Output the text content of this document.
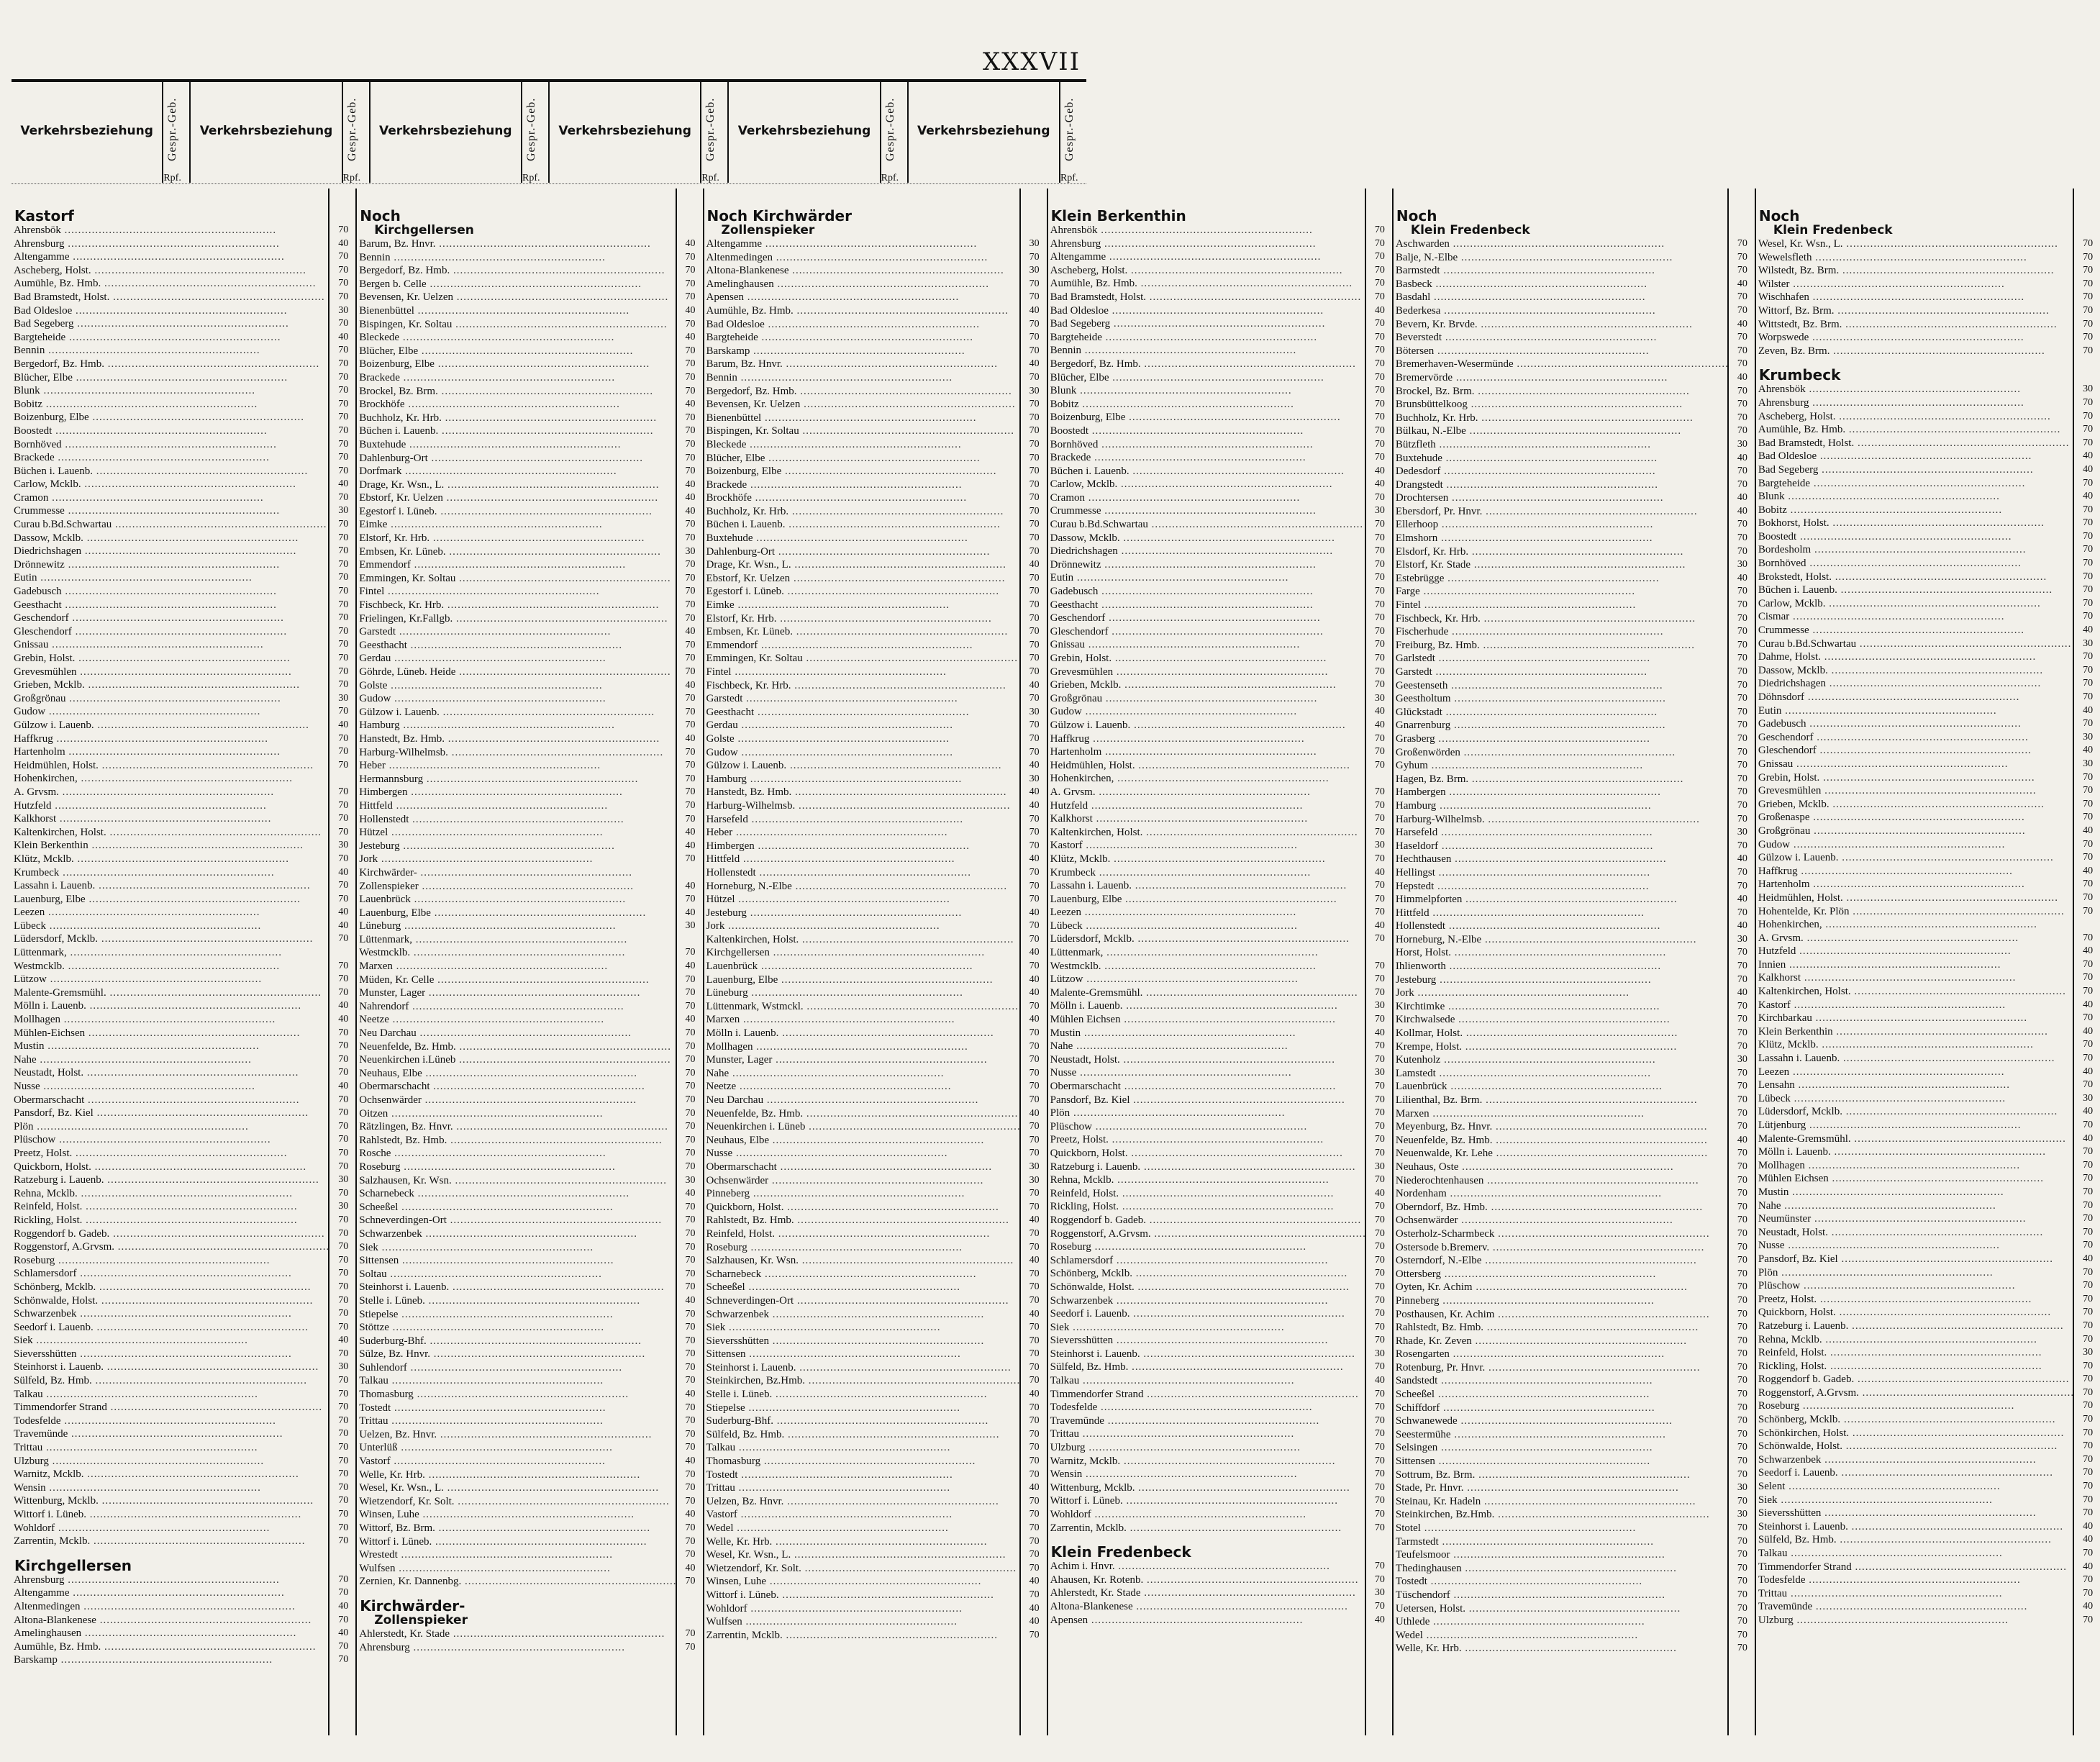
XXXVII
Verkehrsbeziehung	Gespr.-Geb.
Rpf.
Verkehrsbeziehung	Gespr.-Geb.
Rpf.
Verkehrsbeziehung	Gespr.-Geb.
Rpf.
Verkehrsbeziehung	Gespr.-Geb.
Rpf.
Verkehrsbeziehung	Gespr.-Geb.
Rpf.
Verkehrsbeziehung	Gespr.-Geb.
Rpf.
Kastorf
Ahrensbök .....	70
Ahrensburg .....	40
Altengamme .....	70
Ascheberg, Holst. .....	70
Aumühle, Bz. Hmb. .....	70
Bad Bramstedt, Holst. .....	70
Bad Oldesloe .....	30
Bad Segeberg .....	70
Bargteheide .....	40
Bennin .....	70
Bergedorf, Bz. Hmb. .....	70
Blücher, Elbe .....	70
Blunk .....	70
Bobitz .....	70
Boizenburg, Elbe .....	70
Boostedt .....	70
Bornhöved .....	70
Brackede .....	70
Büchen i. Lauenb. .....	70
Carlow, Mcklb. .....	40
Cramon .....	70
Crummesse .....	30
Curau b.Bd.Schwartau .....	70
Dassow, Mcklb. .....	70
Diedrichshagen .....	70
Drönnewitz .....	70
Eutin .....	70
Gadebusch .....	70
Geesthacht .....	70
Geschendorf .....	70
Gleschendorf .....	70
Gnissau .....	70
Grebin, Holst. .....	70
Grevesmühlen .....	70
Grieben, Mcklb. .....	70
Großgrönau .....	30
Gudow .....	70
Gülzow i. Lauenb. .....	40
Haffkrug .....	70
Hartenholm .....	70
Heidmühlen, Holst. .....	70
Hohenkirchen, .....
A. Grvsm. .....	70
Hutzfeld .....	70
Kalkhorst .....	70
Kaltenkirchen, Holst. .....	70
Klein Berkenthin .....	30
Klütz, Mcklb. .....	70
Krumbeck .....	40
Lassahn i. Lauenb. .....	70
Lauenburg, Elbe .....	70
Leezen .....	40
Lübeck .....	40
Lüdersdorf, Mcklb. .....	70
Lüttenmark, .....
Westmcklb. .....	70
Lützow .....	70
Malente-Gremsmühl. .....	70
Mölln i. Lauenb. .....	40
Mollhagen .....	40
Mühlen-Eichsen .....	70
Mustin .....	70
Nahe .....	70
Neustadt, Holst. .....	70
Nusse .....	40
Obermarschacht .....	70
Pansdorf, Bz. Kiel .....	70
Plön .....	70
Plüschow .....	70
Preetz, Holst. .....	70
Quickborn, Holst. .....	70
Ratzeburg i. Lauenb. .....	30
Rehna, Mcklb. .....	70
Reinfeld, Holst. .....	30
Rickling, Holst. .....	70
Roggendorf b. Gadeb. .....	70
Roggenstorf, A.Grvsm. .....	70
Roseburg .....	70
Schlamersdorf .....	70
Schönberg, Mcklb. .....	70
Schönwalde, Holst. .....	70
Schwarzenbek .....	70
Seedorf i. Lauenb. .....	70
Siek .....	40
Sieversshütten .....	70
Steinhorst i. Lauenb. .....	30
Sülfeld, Bz. Hmb. .....	70
Talkau .....	70
Timmendorfer Strand .....	70
Todesfelde .....	70
Travemünde .....	70
Trittau .....	70
Ulzburg .....	70
Warnitz, Mcklb. .....	70
Wensin .....	70
Wittenburg, Mcklb. .....	70
Wittorf i. Lüneb. .....	70
Wohldorf .....	70
Zarrentin, Mcklb. .....	70
Kirchgellersen
Ahrensburg .....	70
Altengamme .....	70
Altenmedingen .....	40
Altona-Blankenese .....	70
Amelinghausen .....	40
Aumühle, Bz. Hmb. .....	70
Barskamp .....	70
Noch
Kirchgellersen
Barum, Bz. Hnvr. .....	40
Bennin .....	70
Bergedorf, Bz. Hmb. .....	70
Bergen b. Celle .....	70
Bevensen, Kr. Uelzen .....	70
Bienenbüttel .....	40
Bispingen, Kr. Soltau .....	70
Bleckede .....	40
Blücher, Elbe .....	70
Boizenburg, Elbe .....	70
Brackede .....	70
Brockel, Bz. Brm. .....	70
Brockhöfe .....	40
Buchholz, Kr. Hrb. .....	70
Büchen i. Lauenb. .....	70
Buxtehude .....	70
Dahlenburg-Ort .....	70
Dorfmark .....	70
Drage, Kr. Wsn., L. .....	40
Ebstorf, Kr. Uelzen .....	40
Egestorf i. Lüneb. .....	40
Eimke .....	70
Elstorf, Kr. Hrb. .....	70
Embsen, Kr. Lüneb. .....	30
Emmendorf .....	70
Emmingen, Kr. Soltau .....	70
Fintel .....	70
Fischbeck, Kr. Hrb. .....	70
Frielingen, Kr.Fallgb. .....	70
Garstedt .....	40
Geesthacht .....	70
Gerdau .....	70
Göhrde, Lüneb. Heide .....	70
Golste .....	40
Gudow .....	70
Gülzow i. Lauenb. .....	70
Hamburg .....	70
Hanstedt, Bz. Hmb. .....	40
Harburg-Wilhelmsb. .....	70
Heber .....	70
Hermannsburg .....	70
Himbergen .....	70
Hittfeld .....	70
Hollenstedt .....	70
Hützel .....	40
Jesteburg .....	40
Jork .....	70
Kirchwärder- .....
Zollenspieker .....	40
Lauenbrück .....	70
Lauenburg, Elbe .....	40
Lüneburg .....	30
Lüttenmark, .....
Westmcklb. .....	70
Marxen .....	40
Müden, Kr. Celle .....	70
Munster, Lager .....	70
Nahrendorf .....	70
Neetze .....	40
Neu Darchau .....	70
Neuenfelde, Bz. Hmb. .....	70
Neuenkirchen i.Lüneb .....	70
Neuhaus, Elbe .....	70
Obermarschacht .....	70
Ochsenwärder .....	70
Oitzen .....	70
Rätzlingen, Bz. Hnvr. .....	70
Rahlstedt, Bz. Hmb. .....	70
Rosche .....	70
Roseburg .....	70
Salzhausen, Kr. Wsn. .....	30
Scharnebeck .....	40
Scheeßel .....	70
Schneverdingen-Ort .....	70
Schwarzenbek .....	70
Siek .....	70
Sittensen .....	70
Soltau .....	70
Steinhorst i. Lauenb. .....	70
Stelle i. Lüneb. .....	40
Stiepelse .....	70
Stöttze .....	70
Suderburg-Bhf. .....	70
Sülze, Bz. Hnvr. .....	70
Suhlendorf .....	70
Talkau .....	70
Thomasburg .....	40
Tostedt .....	70
Trittau .....	70
Uelzen, Bz. Hnvr. .....	70
Unterlüß .....	70
Vastorf .....	40
Welle, Kr. Hrb. .....	70
Wesel, Kr. Wsn., L. .....	70
Wietzendorf, Kr. Solt. .....	70
Winsen, Luhe .....	40
Wittorf, Bz. Brm. .....	70
Wittorf i. Lüneb. .....	70
Wrestedt .....	70
Wulfsen .....	40
Zernien, Kr. Dannenbg. .....	70
Kirchwärder-
Zollenspieker
Ahlerstedt, Kr. Stade .....	70
Ahrensburg .....	70
Noch Kirchwärder
Zollenspieker
Altengamme .....	30
Altenmedingen .....	70
Altona-Blankenese .....	30
Amelinghausen .....	70
Apensen .....	70
Aumühle, Bz. Hmb. .....	40
Bad Oldesloe .....	70
Bargteheide .....	70
Barskamp .....	70
Barum, Bz. Hnvr. .....	40
Bennin .....	70
Bergedorf, Bz. Hmb. .....	30
Bevensen, Kr. Uelzen .....	70
Bienenbüttel .....	70
Bispingen, Kr. Soltau .....	70
Bleckede .....	70
Blücher, Elbe .....	70
Boizenburg, Elbe .....	70
Brackede .....	70
Brockhöfe .....	70
Buchholz, Kr. Hrb. .....	70
Büchen i. Lauenb. .....	70
Buxtehude .....	70
Dahlenburg-Ort .....	70
Drage, Kr. Wsn., L. .....	40
Ebstorf, Kr. Uelzen .....	70
Egestorf i. Lüneb. .....	70
Eimke .....	70
Elstorf, Kr. Hrb. .....	70
Embsen, Kr. Lüneb. .....	70
Emmendorf .....	70
Emmingen, Kr. Soltau .....	70
Fintel .....	70
Fischbeck, Kr. Hrb. .....	40
Garstedt .....	70
Geesthacht .....	30
Gerdau .....	70
Golste .....	70
Gudow .....	70
Gülzow i. Lauenb. .....	40
Hamburg .....	30
Hanstedt, Bz. Hmb. .....	40
Harburg-Wilhelmsb. .....	40
Harsefeld .....	70
Heber .....	70
Himbergen .....	70
Hittfeld .....	40
Hollenstedt .....	70
Horneburg, N.-Elbe .....	70
Hützel .....	70
Jesteburg .....	40
Jork .....	70
Kaltenkirchen, Holst. .....	70
Kirchgellersen .....	40
Lauenbrück .....	70
Lauenburg, Elbe .....	40
Lüneburg .....	40
Lüttenmark, Wstmckl. .....	70
Marxen .....	40
Mölln i. Lauenb. .....	70
Mollhagen .....	70
Munster, Lager .....	70
Nahe .....	70
Neetze .....	70
Neu Darchau .....	70
Neuenfelde, Bz. Hmb. .....	40
Neuenkirchen i. Lüneb .....	70
Neuhaus, Elbe .....	70
Nusse .....	70
Obermarschacht .....	30
Ochsenwärder .....	30
Pinneberg .....	70
Quickborn, Holst. .....	70
Rahlstedt, Bz. Hmb. .....	40
Reinfeld, Holst. .....	70
Roseburg .....	70
Salzhausen, Kr. Wsn. .....	40
Scharnebeck .....	70
Scheeßel .....	70
Schneverdingen-Ort .....	70
Schwarzenbek .....	40
Siek .....	70
Sieversshütten .....	70
Sittensen .....	70
Steinhorst i. Lauenb. .....	70
Steinkirchen, Bz.Hmb. .....	70
Stelle i. Lüneb. .....	40
Stiepelse .....	70
Suderburg-Bhf. .....	70
Sülfeld, Bz. Hmb. .....	70
Talkau .....	70
Thomasburg .....	70
Tostedt .....	70
Trittau .....	40
Uelzen, Bz. Hnvr. .....	70
Vastorf .....	70
Wedel .....	70
Welle, Kr. Hrb. .....	70
Wesel, Kr. Wsn., L. .....	70
Wietzendorf, Kr. Solt. .....	70
Winsen, Luhe .....	40
Wittorf i. Lüneb. .....	70
Wohldorf .....	40
Wulfsen .....	40
Zarrentin, Mcklb. .....	70
Klein Berkenthin
Ahrensbök .....	70
Ahrensburg .....	70
Altengamme .....	70
Ascheberg, Holst. .....	70
Aumühle, Bz. Hmb. .....	70
Bad Bramstedt, Holst. .....	70
Bad Oldesloe .....	40
Bad Segeberg .....	70
Bargteheide .....	70
Bennin .....	70
Bergedorf, Bz. Hmb. .....	70
Blücher, Elbe .....	70
Blunk .....	70
Bobitz .....	70
Boizenburg, Elbe .....	70
Boostedt .....	70
Bornhöved .....	70
Brackede .....	70
Büchen i. Lauenb. .....	40
Carlow, Mcklb. .....	40
Cramon .....	70
Crummesse .....	30
Curau b.Bd.Schwartau .....	70
Dassow, Mcklb. .....	70
Diedrichshagen .....	70
Drönnewitz .....	70
Eutin .....	70
Gadebusch .....	70
Geesthacht .....	70
Geschendorf .....	70
Gleschendorf .....	70
Gnissau .....	70
Grebin, Holst. .....	70
Grevesmühlen .....	70
Grieben, Mcklb. .....	70
Großgrönau .....	30
Gudow .....	40
Gülzow i. Lauenb. .....	40
Haffkrug .....	70
Hartenholm .....	70
Heidmühlen, Holst. .....	70
Hohenkirchen, .....
A. Grvsm. .....	70
Hutzfeld .....	70
Kalkhorst .....	70
Kaltenkirchen, Holst. .....	70
Kastorf .....	30
Klütz, Mcklb. .....	70
Krumbeck .....	40
Lassahn i. Lauenb. .....	70
Lauenburg, Elbe .....	70
Leezen .....	70
Lübeck .....	40
Lüdersdorf, Mcklb. .....	70
Lüttenmark, .....
Westmcklb. .....	70
Lützow .....	70
Malente-Gremsmühl. .....	70
Mölln i. Lauenb. .....	30
Mühlen Eichsen .....	70
Mustin .....	40
Nahe .....	70
Neustadt, Holst. .....	70
Nusse .....	30
Obermarschacht .....	70
Pansdorf, Bz. Kiel .....	70
Plön .....	70
Plüschow .....	70
Preetz, Holst. .....	70
Quickborn, Holst. .....	70
Ratzeburg i. Lauenb. .....	30
Rehna, Mcklb. .....	70
Reinfeld, Holst. .....	40
Rickling, Holst. .....	70
Roggendorf b. Gadeb. .....	70
Roggenstorf, A.Grvsm. .....	70
Roseburg .....	70
Schlamersdorf .....	70
Schönberg, Mcklb. .....	70
Schönwalde, Holst. .....	70
Schwarzenbek .....	70
Seedorf i. Lauenb. .....	70
Siek .....	70
Sieversshütten .....	70
Steinhorst i. Lauenb. .....	30
Sülfeld, Bz. Hmb. .....	70
Talkau .....	40
Timmendorfer Strand .....	70
Todesfelde .....	70
Travemünde .....	70
Trittau .....	70
Ulzburg .....	70
Warnitz, Mcklb. .....	70
Wensin .....	70
Wittenburg, Mcklb. .....	70
Wittorf i. Lüneb. .....	70
Wohldorf .....	70
Zarrentin, Mcklb. .....	70
Klein Fredenbeck
Achim i. Hnvr. .....	70
Ahausen, Kr. Rotenb. .....	70
Ahlerstedt, Kr. Stade .....	30
Altona-Blankenese .....	70
Apensen .....	40
Noch
Klein Fredenbeck
Aschwarden .....	70
Balje, N.-Elbe .....	70
Barmstedt .....	70
Basbeck .....	40
Basdahl .....	70
Bederkesa .....	70
Bevern, Kr. Brvde. .....	40
Beverstedt .....	70
Bötersen .....	70
Bremerhaven-Wesermünde .....	70
Bremervörde .....	40
Brockel, Bz. Brm. .....	70
Brunsbüttelkoog .....	70
Buchholz, Kr. Hrb. .....	70
Bülkau, N.-Elbe .....	70
Bützfleth .....	30
Buxtehude .....	40
Dedesdorf .....	70
Drangstedt .....	70
Drochtersen .....	40
Ebersdorf, Pr. Hnvr. .....	40
Ellerhoop .....	70
Elmshorn .....	70
Elsdorf, Kr. Hrb. .....	70
Elstorf, Kr. Stade .....	30
Estebrügge .....	40
Farge .....	70
Fintel .....	70
Fischbeck, Kr. Hrb. .....	70
Fischerhude .....	70
Freiburg, Bz. Hmb. .....	70
Garlstedt .....	70
Garstedt .....	70
Geestenseth .....	70
Geestholtum .....	70
Glückstadt .....	70
Gnarrenburg .....	70
Grasberg .....	70
Großenwörden .....	70
Gyhum .....	70
Hagen, Bz. Brm. .....	70
Hambergen .....	70
Hamburg .....	70
Harburg-Wilhelmsb. .....	70
Harsefeld .....	30
Haseldorf .....	70
Hechthausen .....	40
Hellingst .....	70
Hepstedt .....	70
Himmelpforten .....	40
Hittfeld .....	70
Hollenstedt .....	40
Horneburg, N.-Elbe .....	30
Horst, Holst. .....	70
Ihlienworth .....	70
Jesteburg .....	70
Jork .....	40
Kirchtimke .....	70
Kirchwalsede .....	70
Kollmar, Holst. .....	70
Krempe, Holst. .....	70
Kutenholz .....	30
Lamstedt .....	70
Lauenbrück .....	70
Lilienthal, Bz. Brm. .....	70
Marxen .....	70
Meyenburg, Bz. Hnvr. .....	70
Neuenfelde, Bz. Hmb. .....	40
Neuenwalde, Kr. Lehe .....	70
Neuhaus, Oste .....	70
Niederochtenhausen .....	70
Nordenham .....	70
Oberndorf, Bz. Hmb. .....	70
Ochsenwärder .....	70
Osterholz-Scharmbeck .....	70
Ostersode b.Bremerv. .....	70
Osterndorf, N.-Elbe .....	70
Ottersberg .....	70
Oyten, Kr. Achim .....	70
Pinneberg .....	70
Posthausen, Kr. Achim .....	70
Rahlstedt, Bz. Hmb. .....	70
Rhade, Kr. Zeven .....	70
Rosengarten .....	70
Rotenburg, Pr. Hnvr. .....	70
Sandstedt .....	70
Scheeßel .....	70
Schiffdorf .....	70
Schwanewede .....	70
Seestermühe .....	70
Selsingen .....	70
Sittensen .....	70
Sottrum, Bz. Brm. .....	70
Stade, Pr. Hnvr. .....	30
Steinau, Kr. Hadeln .....	70
Steinkirchen, Bz.Hmb. .....	30
Stotel .....	70
Tarmstedt .....	70
Teufelsmoor .....	70
Thedinghausen .....	70
Tostedt .....	70
Tüschendorf .....	70
Uetersen, Holst. .....	70
Uthlede .....	70
Wedel .....	70
Welle, Kr. Hrb. .....	70
Noch
Klein Fredenbeck
Wesel, Kr. Wsn., L. .....	70
Wewelsfleth .....	70
Wilstedt, Bz. Brm. .....	70
Wilster .....	70
Wischhafen .....	70
Wittorf, Bz. Brm. .....	70
Wittstedt, Bz. Brm. .....	70
Worpswede .....	70
Zeven, Bz. Brm. .....	70
Krumbeck
Ahrensbök .....	30
Ahrensburg .....	70
Ascheberg, Holst. .....	70
Aumühle, Bz. Hmb. .....	70
Bad Bramstedt, Holst. .....	70
Bad Oldesloe .....	40
Bad Segeberg .....	40
Bargteheide .....	70
Blunk .....	40
Bobitz .....	70
Bokhorst, Holst. .....	70
Boostedt .....	70
Bordesholm .....	70
Bornhöved .....	70
Brokstedt, Holst. .....	70
Büchen i. Lauenb. .....	70
Carlow, Mcklb. .....	70
Cismar .....	70
Crummesse .....	40
Curau b.Bd.Schwartau .....	30
Dahme, Holst. .....	70
Dassow, Mcklb. .....	70
Diedrichshagen .....	70
Döhnsdorf .....	70
Eutin .....	40
Gadebusch .....	70
Geschendorf .....	30
Gleschendorf .....	40
Gnissau .....	30
Grebin, Holst. .....	70
Grevesmühlen .....	70
Grieben, Mcklb. .....	70
Großenaspe .....	70
Großgrönau .....	40
Gudow .....	70
Gülzow i. Lauenb. .....	70
Haffkrug .....	40
Hartenholm .....	70
Heidmühlen, Holst. .....	70
Hohentelde, Kr. Plön .....	70
Hohenkirchen, .....
A. Grvsm. .....	70
Hutzfeld .....	40
Innien .....	70
Kalkhorst .....	70
Kaltenkirchen, Holst. .....	70
Kastorf .....	40
Kirchbarkau .....	70
Klein Berkenthin .....	40
Klütz, Mcklb. .....	70
Lassahn i. Lauenb. .....	70
Leezen .....	40
Lensahn .....	70
Lübeck .....	30
Lüdersdorf, Mcklb. .....	40
Lütjenburg .....	70
Malente-Gremsmühl. .....	40
Mölln i. Lauenb. .....	70
Mollhagen .....	70
Mühlen Eichsen .....	70
Mustin .....	70
Nahe .....	70
Neumünster .....	70
Neustadt, Holst. .....	70
Nusse .....	70
Pansdorf, Bz. Kiel .....	40
Plön .....	70
Plüschow .....	70
Preetz, Holst. .....	70
Quickborn, Holst. .....	70
Ratzeburg i. Lauenb. .....	70
Rehna, Mcklb. .....	70
Reinfeld, Holst. .....	30
Rickling, Holst. .....	70
Roggendorf b. Gadeb. .....	70
Roggenstorf, A.Grvsm. .....	70
Roseburg .....	70
Schönberg, Mcklb. .....	70
Schönkirchen, Holst. .....	70
Schönwalde, Holst. .....	70
Schwarzenbek .....	70
Seedorf i. Lauenb. .....	70
Selent .....	70
Siek .....	70
Sieversshütten .....	70
Steinhorst i. Lauenb. .....	40
Sülfeld, Bz. Hmb. .....	40
Talkau .....	70
Timmendorfer Strand .....	40
Todesfelde .....	70
Trittau .....	70
Travemünde .....	40
Ulzburg .....	70
